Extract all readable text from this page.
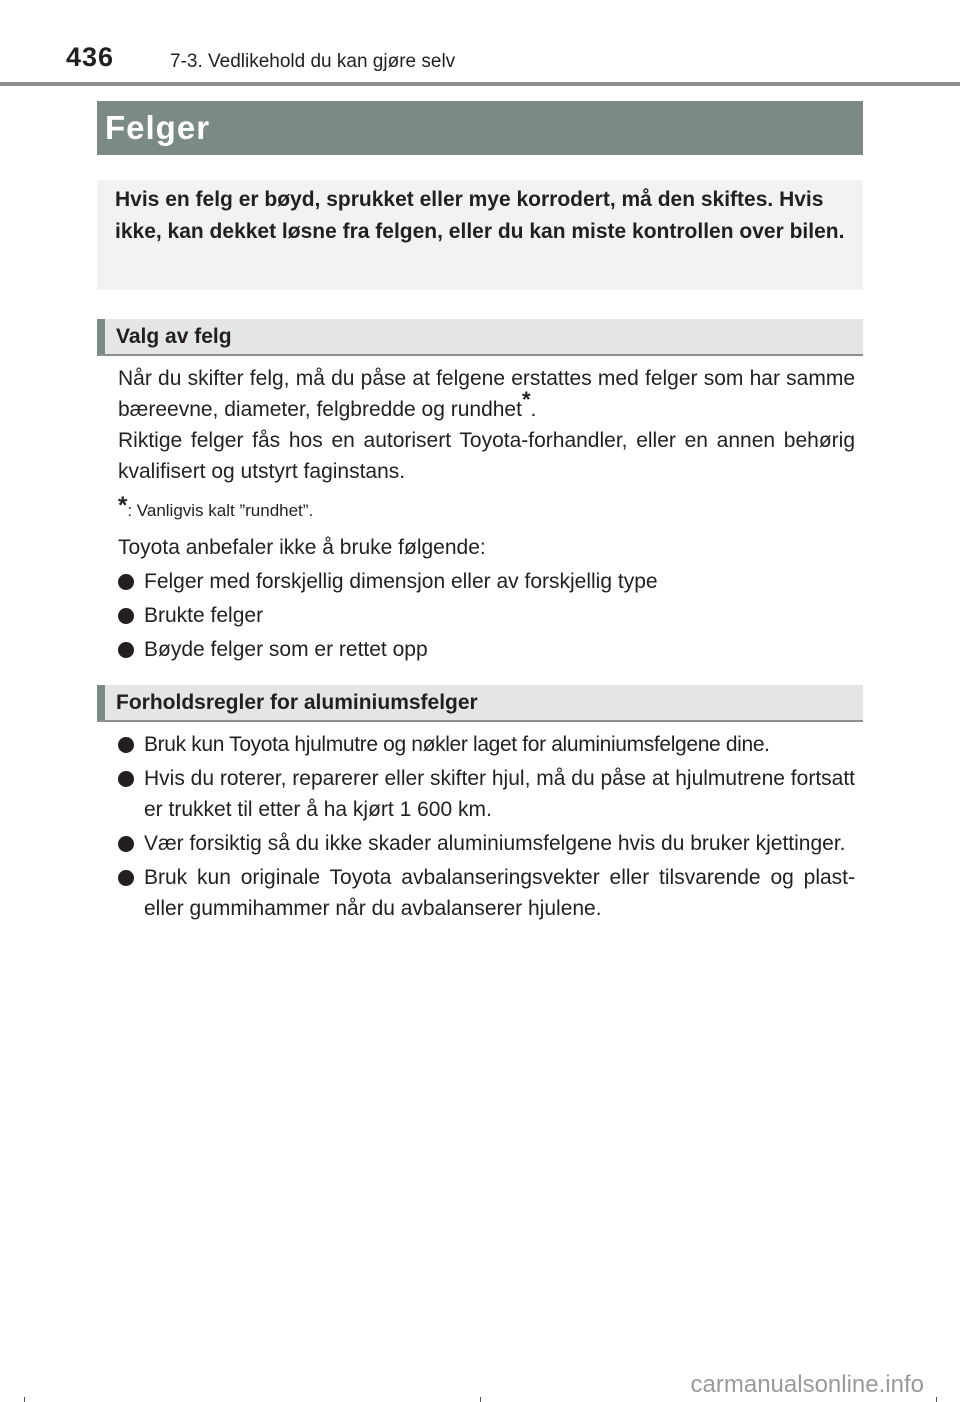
436	7-3. Vedlikehold du kan gjøre selv
Felger

Hvis en felg er bøyd, sprukket eller mye korrodert, må den skiftes. Hvis ikke, kan dekket løsne fra felgen, eller du kan miste kontrollen over bilen.

Valg av felg

Når du skifter felg, må du påse at felgene erstattes med felger som har samme bæreevne, diameter, felgbredde og rundhet*.

Riktige felger fås hos en autorisert Toyota-forhandler, eller en annen behørig kvalifisert og utstyrt faginstans.

*: Vanligvis kalt ”rundhet”.

Toyota anbefaler ikke å bruke følgende:

Felger med forskjellig dimensjon eller av forskjellig type
Brukte felger
Bøyde felger som er rettet opp
Forholdsregler for aluminiumsfelger
Bruk kun Toyota hjulmutre og nøkler laget for aluminiumsfelgene dine.
Hvis du roterer, reparerer eller skifter hjul, må du påse at hjulmutrene fortsatt er trukket til etter å ha kjørt 1 600 km.
Vær forsiktig så du ikke skader aluminiumsfelgene hvis du bruker kjettinger.
Bruk kun originale Toyota avbalanseringsvekter eller tilsvarende og plast- eller gummihammer når du avbalanserer hjulene.
carmanualsonline.info
